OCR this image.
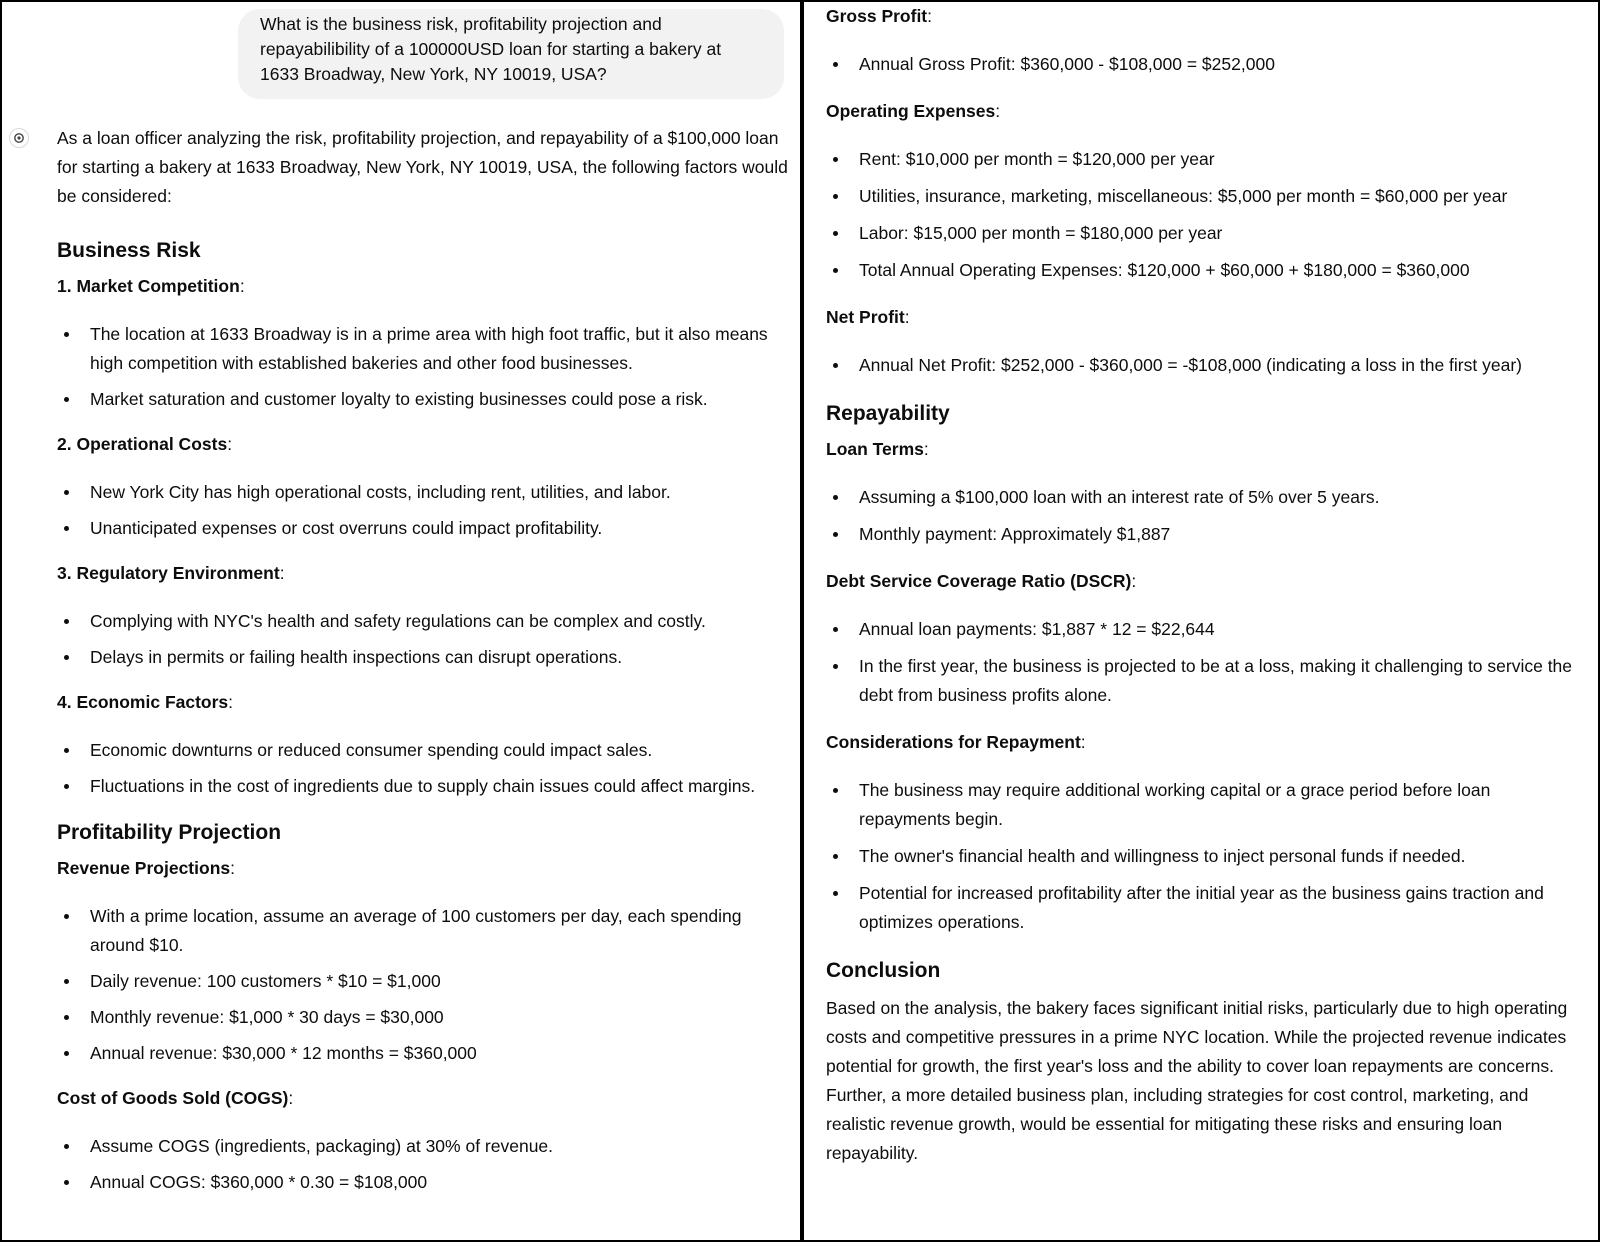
What is the business risk, profitability projection and repayabilibility of a 100000USD loan for starting a bakery at 1633 Broadway, New York, NY 10019, USA?

As a loan officer analyzing the risk, profitability projection, and repayability of a $100,000 loan for starting a bakery at 1633 Broadway, New York, NY 10019, USA, the following factors would be considered:

Business Risk
1. Market Competition:
The location at 1633 Broadway is in a prime area with high foot traffic, but it also means high competition with established bakeries and other food businesses.
Market saturation and customer loyalty to existing businesses could pose a risk.
2. Operational Costs:
New York City has high operational costs, including rent, utilities, and labor.
Unanticipated expenses or cost overruns could impact profitability.
3. Regulatory Environment:
Complying with NYC's health and safety regulations can be complex and costly.
Delays in permits or failing health inspections can disrupt operations.
4. Economic Factors:
Economic downturns or reduced consumer spending could impact sales.
Fluctuations in the cost of ingredients due to supply chain issues could affect margins.
Profitability Projection
Revenue Projections:
With a prime location, assume an average of 100 customers per day, each spending around $10.
Daily revenue: 100 customers * $10 = $1,000
Monthly revenue: $1,000 * 30 days = $30,000
Annual revenue: $30,000 * 12 months = $360,000
Cost of Goods Sold (COGS):
Assume COGS (ingredients, packaging) at 30% of revenue.
Annual COGS: $360,000 * 0.30 = $108,000
Gross Profit:
Annual Gross Profit: $360,000 - $108,000 = $252,000
Operating Expenses:
Rent: $10,000 per month = $120,000 per year
Utilities, insurance, marketing, miscellaneous: $5,000 per month = $60,000 per year
Labor: $15,000 per month = $180,000 per year
Total Annual Operating Expenses: $120,000 + $60,000 + $180,000 = $360,000
Net Profit:
Annual Net Profit: $252,000 - $360,000 = -$108,000 (indicating a loss in the first year)
Repayability
Loan Terms:
Assuming a $100,000 loan with an interest rate of 5% over 5 years.
Monthly payment: Approximately $1,887
Debt Service Coverage Ratio (DSCR):
Annual loan payments: $1,887 * 12 = $22,644
In the first year, the business is projected to be at a loss, making it challenging to service the debt from business profits alone.
Considerations for Repayment:
The business may require additional working capital or a grace period before loan repayments begin.
The owner's financial health and willingness to inject personal funds if needed.
Potential for increased profitability after the initial year as the business gains traction and optimizes operations.
Conclusion

Based on the analysis, the bakery faces significant initial risks, particularly due to high operating costs and competitive pressures in a prime NYC location. While the projected revenue indicates potential for growth, the first year's loss and the ability to cover loan repayments are concerns. Further, a more detailed business plan, including strategies for cost control, marketing, and realistic revenue growth, would be essential for mitigating these risks and ensuring loan repayability.
